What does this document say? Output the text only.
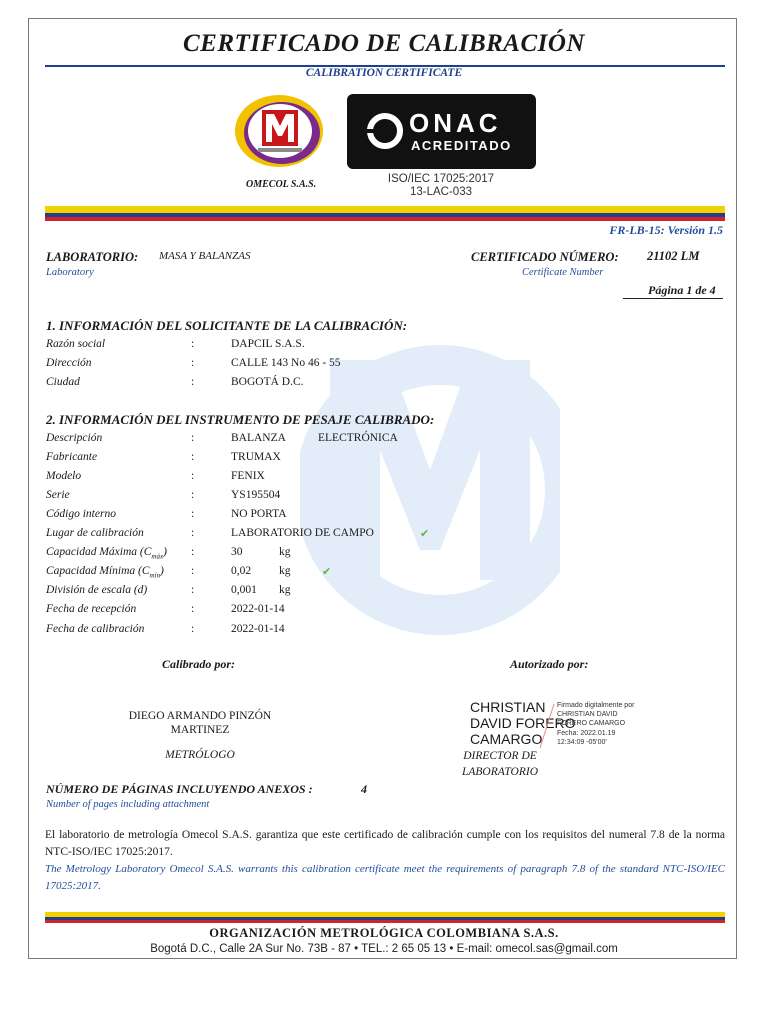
CERTIFICADO DE CALIBRACIÓN
CALIBRATION CERTIFICATE
OMECOL S.A.S.
ONAC
ACREDITADO
ISO/IEC 17025:2017
13-LAC-033
FR-LB-15: Versión 1.5
LABORATORIO: MASA Y BALANZAS
Laboratory
CERTIFICADO NÚMERO: 21102 LM
Certificate Number
Página 1 de 4
1. INFORMACIÓN DEL SOLICITANTE DE LA CALIBRACIÓN:
Razón social	:	DAPCIL S.A.S.
Dirección	:	CALLE 143 No 46 - 55
Ciudad	:	BOGOTÁ D.C.
2. INFORMACIÓN DEL INSTRUMENTO DE PESAJE CALIBRADO:
Descripción	:	BALANZA	ELECTRÓNICA
Fabricante	:	TRUMAX
Modelo	:	FENIX
Serie	:	YS195504
Código interno	:	NO PORTA
Lugar de calibración	:	LABORATORIO DE CAMPO	✔
Capacidad Máxima $(C_{máx})$ :	30	kg
Capacidad Mínima $(C_{mín})$ :	0,02 kg	✔
División de escala (d)	:	0,001 kg
Fecha de recepción	:	2022-01-14
Fecha de calibración	:	2022-01-14
Calibrado por:	Autorizado por:
DIEGO ARMANDO PINZÓN
MARTINEZ
METRÓLOGO
CHRISTIAN
DAVID FORERO
CAMARGO
Firmado digitalmente por
CHRISTIAN DAVID
FORERO CAMARGO
Fecha: 2022.01.19
12:34:09 -05'00'
DIRECTOR DE
LABORATORIO
NÚMERO DE PÁGINAS INCLUYENDO ANEXOS :	4
Number of pages including attachment
El laboratorio de metrología Omecol S.A.S. garantiza que este certificado de calibración cumple con los requisitos del numeral 7.8 de la norma NTC-ISO/IEC 17025:2017.
The Metrology Laboratory Omecol S.A.S. warrants this calibration certificate meet the requirements of paragraph 7.8 of the standard NTC-ISO/IEC 17025:2017.
ORGANIZACIÓN METROLÓGICA COLOMBIANA S.A.S.
Bogotá D.C., Calle 2A Sur No. 73B - 87 • TEL.: 2 65 05 13 • E-mail: omecol.sas@gmail.com
